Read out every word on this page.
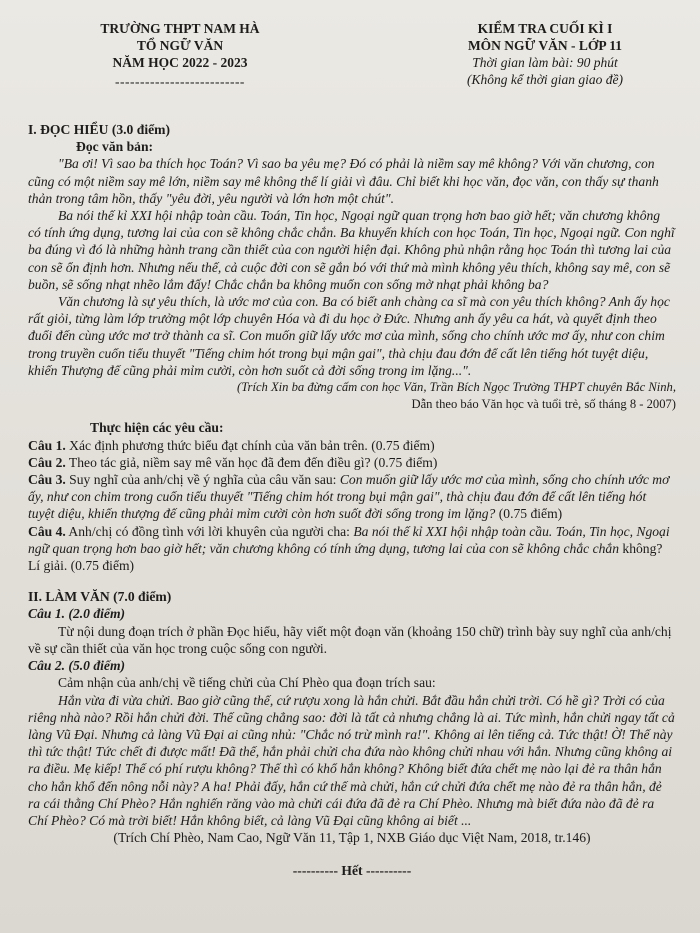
TRƯỜNG THPT NAM HÀ
TỔ NGỮ VĂN
NĂM HỌC 2022 - 2023
--------------------------
KIỂM TRA CUỐI KÌ I
MÔN NGỮ VĂN - LỚP 11
Thời gian làm bài: 90 phút
(Không kể thời gian giao đề)

I. ĐỌC HIỂU (3.0 điểm)

Đọc văn bản:

"Ba ơi! Vì sao ba thích học Toán? Vì sao ba yêu mẹ? Đó có phải là niềm say mê không? Với văn chương, con cũng có một niềm say mê lớn, niềm say mê không thể lí giải vì đâu. Chỉ biết khi học văn, đọc văn, con thấy sự thanh thản trong tâm hồn, thấy "yêu đời, yêu người và lớn hơn một chút".

Ba nói thế kỉ XXI hội nhập toàn cầu. Toán, Tin học, Ngoại ngữ quan trọng hơn bao giờ hết; văn chương không có tính ứng dụng, tương lai của con sẽ không chắc chắn. Ba khuyến khích con học Toán, Tin học, Ngoại ngữ. Con nghĩ ba đúng vì đó là những hành trang cần thiết của con người hiện đại. Không phủ nhận rằng học Toán thì tương lai của con sẽ ổn định hơn. Nhưng nếu thế, cả cuộc đời con sẽ gắn bó với thứ mà mình không yêu thích, không say mê, con sẽ buồn, sẽ sống nhạt nhẽo lắm đấy! Chắc chắn ba không muốn con sống mờ nhạt phải không ba?

Văn chương là sự yêu thích, là ước mơ của con. Ba có biết anh chàng ca sĩ mà con yêu thích không? Anh ấy học rất giỏi, từng làm lớp trưởng một lớp chuyên Hóa và đi du học ở Đức. Nhưng anh ấy yêu ca hát, và quyết định theo đuổi đến cùng ước mơ trở thành ca sĩ. Con muốn giữ lấy ước mơ của mình, sống cho chính ước mơ ấy, như con chim trong truyền cuốn tiểu thuyết "Tiếng chim hót trong bụi mận gai", thà chịu đau đớn để cất lên tiếng hót tuyệt diệu, khiến Thượng đế cũng phải mỉm cười, còn hơn suốt cả đời sống trong im lặng...".

(Trích Xin ba đừng cấm con học Văn, Trần Bích Ngọc Trường THPT chuyên Bắc Ninh,

Dẫn theo báo Văn học và tuổi trẻ, số tháng 8 - 2007)

Thực hiện các yêu cầu:

Câu 1. Xác định phương thức biểu đạt chính của văn bản trên. (0.75 điểm)

Câu 2. Theo tác giả, niềm say mê văn học đã đem đến điều gì? (0.75 điểm)

Câu 3. Suy nghĩ của anh/chị về ý nghĩa của câu văn sau: Con muốn giữ lấy ước mơ của mình, sống cho chính ước mơ ấy, như con chim trong cuốn tiểu thuyết "Tiếng chim hót trong bụi mận gai", thà chịu đau đớn để cất lên tiếng hót tuyệt diệu, khiến thượng đế cũng phải mỉm cười còn hơn suốt đời sống trong im lặng? (0.75 điểm)

Câu 4. Anh/chị có đồng tình với lời khuyên của người cha: Ba nói thế kỉ XXI hội nhập toàn cầu. Toán, Tin học, Ngoại ngữ quan trọng hơn bao giờ hết; văn chương không có tính ứng dụng, tương lai của con sẽ không chắc chắn không? Lí giải. (0.75 điểm)

II. LÀM VĂN (7.0 điểm)

Câu 1. (2.0 điểm)

Từ nội dung đoạn trích ở phần Đọc hiểu, hãy viết một đoạn văn (khoảng 150 chữ) trình bày suy nghĩ của anh/chị về sự cần thiết của văn học trong cuộc sống con người.

Câu 2. (5.0 điểm)

Cảm nhận của anh/chị về tiếng chửi của Chí Phèo qua đoạn trích sau:

Hắn vừa đi vừa chửi. Bao giờ cũng thế, cứ rượu xong là hắn chửi. Bắt đầu hắn chửi trời. Có hề gì? Trời có của riêng nhà nào? Rồi hắn chửi đời. Thế cũng chẳng sao: đời là tất cả nhưng chẳng là ai. Tức mình, hắn chửi ngay tất cả làng Vũ Đại. Nhưng cả làng Vũ Đại ai cũng nhủ: "Chắc nó trừ mình ra!". Không ai lên tiếng cả. Tức thật! Ờ! Thế này thì tức thật! Tức chết đi được mất! Đã thế, hắn phải chửi cha đứa nào không chửi nhau với hắn. Nhưng cũng không ai ra điều. Mẹ kiếp! Thế có phí rượu không? Thế thì có khổ hắn không? Không biết đứa chết mẹ nào lại đẻ ra thân hắn cho hắn khổ đến nông nỗi này? A ha! Phải đấy, hắn cứ thế mà chửi, hắn cứ chửi đứa chết mẹ nào đẻ ra thân hắn, đẻ ra cái thằng Chí Phèo? Hắn nghiến răng vào mà chửi cái đứa đã đẻ ra Chí Phèo. Nhưng mà biết đứa nào đã đẻ ra Chí Phèo? Có mà trời biết! Hắn không biết, cả làng Vũ Đại cũng không ai biết ...

(Trích Chí Phèo, Nam Cao, Ngữ Văn 11, Tập 1, NXB Giáo dục Việt Nam, 2018, tr.146)

---------- Hết ----------
